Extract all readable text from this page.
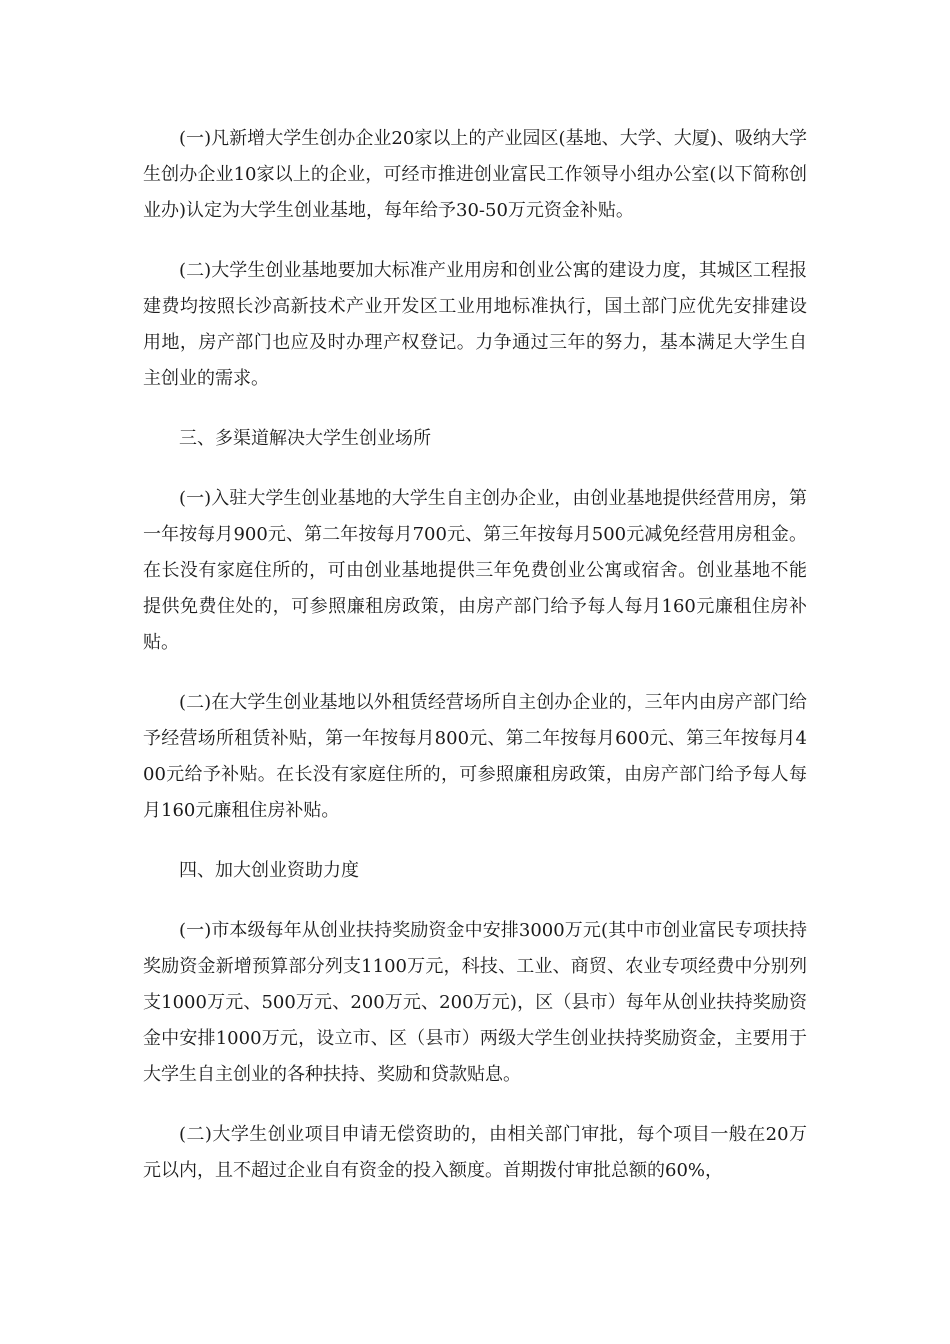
(一)凡新增大学生创办企业20家以上的产业园区(基地、大学、大厦)、吸纳大学生创办企业10家以上的企业，可经市推进创业富民工作领导小组办公室(以下简称创业办)认定为大学生创业基地，每年给予30-50万元资金补贴。

(二)大学生创业基地要加大标准产业用房和创业公寓的建设力度，其城区工程报建费均按照长沙高新技术产业开发区工业用地标准执行，国土部门应优先安排建设用地，房产部门也应及时办理产权登记。力争通过三年的努力，基本满足大学生自主创业的需求。

三、多渠道解决大学生创业场所

(一)入驻大学生创业基地的大学生自主创办企业，由创业基地提供经营用房，第一年按每月900元、第二年按每月700元、第三年按每月500元减免经营用房租金。在长没有家庭住所的，可由创业基地提供三年免费创业公寓或宿舍。创业基地不能提供免费住处的，可参照廉租房政策，由房产部门给予每人每月160元廉租住房补贴。

(二)在大学生创业基地以外租赁经营场所自主创办企业的，三年内由房产部门给予经营场所租赁补贴，第一年按每月800元、第二年按每月600元、第三年按每月400元给予补贴。在长没有家庭住所的，可参照廉租房政策，由房产部门给予每人每月160元廉租住房补贴。

四、加大创业资助力度

(一)市本级每年从创业扶持奖励资金中安排3000万元(其中市创业富民专项扶持奖励资金新增预算部分列支1100万元，科技、工业、商贸、农业专项经费中分别列支1000万元、500万元、200万元、200万元)，区（县市）每年从创业扶持奖励资金中安排1000万元，设立市、区（县市）两级大学生创业扶持奖励资金，主要用于大学生自主创业的各种扶持、奖励和贷款贴息。

(二)大学生创业项目申请无偿资助的，由相关部门审批，每个项目一般在20万元以内，且不超过企业自有资金的投入额度。首期拨付审批总额的60%，
